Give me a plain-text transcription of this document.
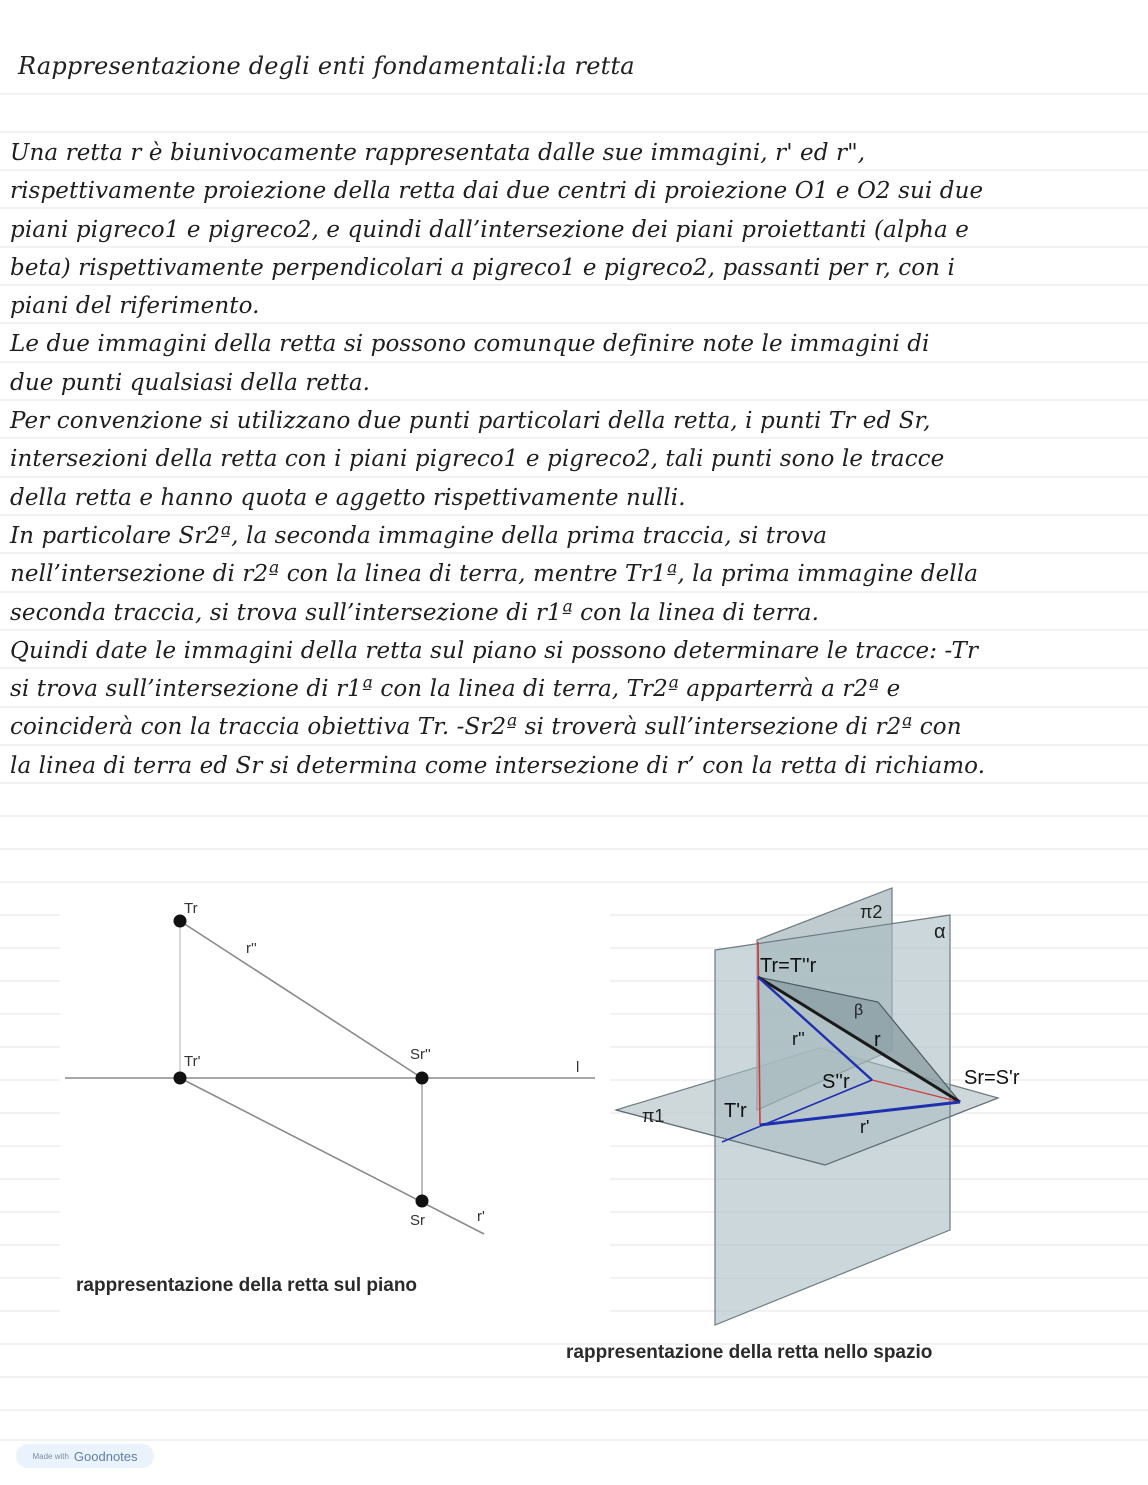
Rappresentazione degli enti fondamentali:la retta
Una retta r è biunivocamente rappresentata dalle sue immagini, r' ed r",
rispettivamente proiezione della retta dai due centri di proiezione O1 e O2 sui due
piani pigreco1 e pigreco2, e quindi dall’intersezione dei piani proiettanti (alpha e
beta) rispettivamente perpendicolari a pigreco1 e pigreco2, passanti per r, con i
piani del riferimento.
Le due immagini della retta si possono comunque definire note le immagini di
due punti qualsiasi della retta.
Per convenzione si utilizzano due punti particolari della retta, i punti Tr ed Sr,
intersezioni della retta con i piani pigreco1 e pigreco2, tali punti sono le tracce
della retta e hanno quota e aggetto rispettivamente nulli.
In particolare Sr2ª, la seconda immagine della prima traccia, si trova
nell’intersezione di r2ª con la linea di terra, mentre Tr1ª, la prima immagine della
seconda traccia, si trova sull’intersezione di r1ª con la linea di terra.
Quindi date le immagini della retta sul piano si possono determinare le tracce: -Tr
si trova sull’intersezione di r1ª con la linea di terra, Tr2ª apparterrà a r2ª e
coinciderà con la traccia obiettiva Tr. -Sr2ª si troverà sull’intersezione di r2ª con
la linea di terra ed Sr si determina come intersezione di r’ con la retta di richiamo.
Tr
r''
Tr'	Sr''
l
Sr	r'
rappresentazione della retta sul piano
π2
α
Tr=T''r
β
r''	r
S''r	Sr=S'r
T'r
π1
r'
rappresentazione della retta nello spazio
Made with Goodnotes
